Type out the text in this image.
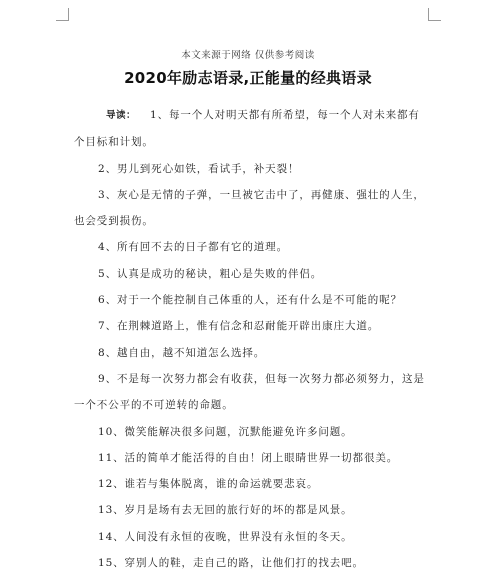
本文来源于网络 仅供参考阅读
2020年励志语录,正能量的经典语录

导读： 1、每一个人对明天都有所希望，每一个人对未来都有个目标和计划。

2、男儿到死心如铁，看试手，补天裂！

3、灰心是无情的子弹，一旦被它击中了，再健康、强壮的人生，也会受到损伤。

4、所有回不去的日子都有它的道理。

5、认真是成功的秘诀，粗心是失败的伴侣。

6、对于一个能控制自己体重的人，还有什么是不可能的呢？

7、在荆棘道路上，惟有信念和忍耐能开辟出康庄大道。

8、越自由，越不知道怎么选择。

9、不是每一次努力都会有收获，但每一次努力都必须努力，这是一个不公平的不可逆转的命题。

10、微笑能解决很多问题，沉默能避免许多问题。

11、活的简单才能活得的自由！闭上眼睛世界一切都很美。

12、谁若与集体脱离，谁的命运就要悲哀。

13、岁月是场有去无回的旅行好的坏的都是风景。

14、人间没有永恒的夜晚，世界没有永恒的冬天。

15、穿别人的鞋，走自己的路，让他们打的找去吧。
